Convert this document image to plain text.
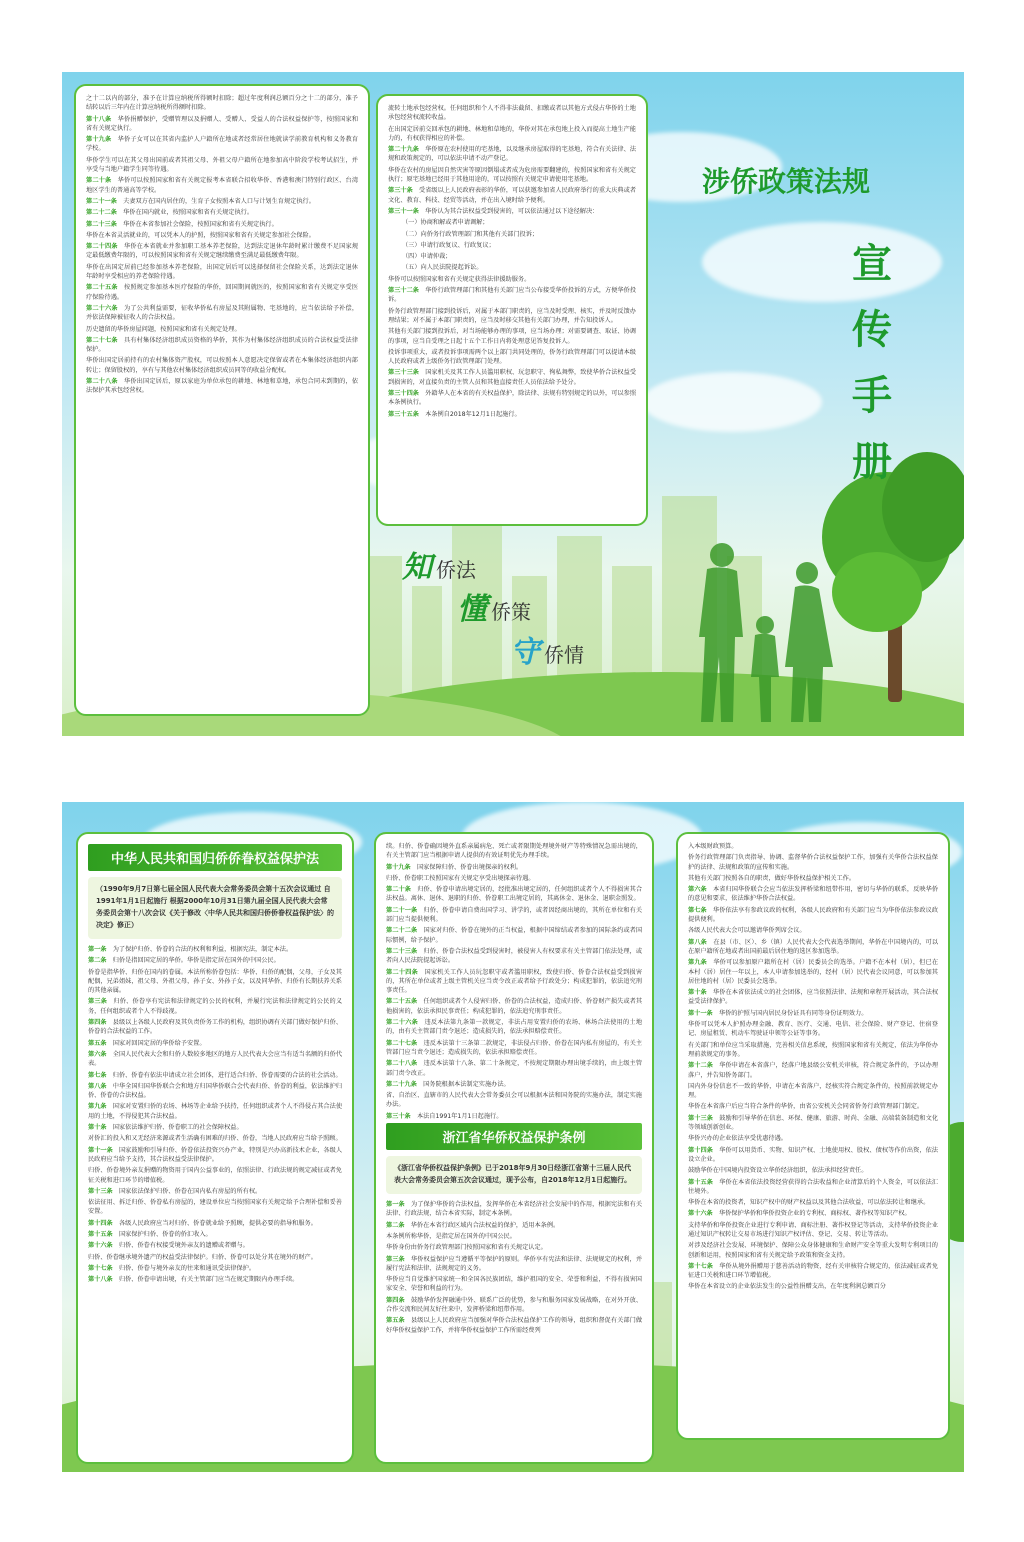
之十二以内的部分，准予在计算应纳税所得额时扣除；超过年度利润总额百分之十二的部分，准予结转以后三年内在计算应纳税所得额时扣除。

第十八条　 华侨捐赠保护，受赠管理以及捐赠人、受赠人、受益人的合法权益保护等，按照国家和省有关规定执行。

第十九条　 华侨子女可以在其省内监护人户籍所在地或者经常居住地就读学前教育机构和义务教育学校。

华侨学生可以在其父母出国前或者其祖父母、外祖父母户籍所在地参加高中阶段学校考试招生，并享受与当地户籍学生同等待遇。

第二十条　 华侨可以按照国家和省有关规定报考本省联合招收华侨、香港和澳门特别行政区、台湾地区学生的普通高等学校。

第二十一条　 夫妻双方在国内居住的，生育子女按照本省人口与计划生育规定执行。

第二十二条　 华侨在国内就业，按照国家和省有关规定执行。

第二十三条　 华侨在本省参加社会保险，按照国家和省有关规定执行。

华侨在本省灵活就业的，可以凭本人的护照，按照国家和省有关规定参加社会保险。

第二十四条　 华侨在本省就业并参加职工基本养老保险，达到法定退休年龄时累计缴费不足国家规定最低缴费年限的，可以按照国家和省有关规定继续缴费至满足最低缴费年限。

华侨在出国定居前已经参加基本养老保险，出国定居后可以选择保留社会保险关系，达到法定退休年龄时享受相应的养老保险待遇。

第二十五条　 按照规定参加基本医疗保险的华侨，回国期间就医的，按照国家和省有关规定享受医疗保险待遇。

第二十六条　 为了公共利益需要，征收华侨私有房屋及其附属物、宅基地的，应当依法给予补偿，并依法保障被征收人的合法权益。

历史遗留的华侨房屋问题，按照国家和省有关规定处理。

第二十七条　 具有村集体经济组织成员资格的华侨，其作为村集体经济组织成员的合法权益受法律保护。

华侨出国定居前持有的农村集体资产股权，可以按照本人意愿决定保留或者在本集体经济组织内部转让；保留股权的，享有与其他农村集体经济组织成员同等的收益分配权。

第二十八条　 华侨出国定居后，原以家庭为单位承包的耕地、林地和草地，承包合同未到期的，依法保护其承包经营权。

流转土地承包经营权。任何组织和个人不得非法截留、扣缴或者以其他方式侵占华侨的土地承包经营权流转收益。

在出国定居前交回承包的耕地、林地和草地的，华侨对其在承包地上投入而提高土地生产能力的，有权获得相应的补偿。

第二十九条　 华侨原在农村使用的宅基地，以及继承房屋取得的宅基地，符合有关法律、法规和政策规定的，可以依法申请不动产登记。

华侨在农村的房屋因自然灾害等原因倒塌或者成为危房需要翻建的，按照国家和省有关规定执行；原宅基地已经用于其他用途的，可以按照有关规定申请使用宅基地。

第三十条　 受省级以上人民政府表彰的华侨，可以获邀参加省人民政府举行的重大庆典或者文化、教育、科技、经贸等活动，并在出入境时给予便利。

第三十一条　 华侨认为其合法权益受到侵害的，可以依法通过以下途径解决：

（一）协商和解或者申请调解；

（二）向侨务行政管理部门和其他有关部门投诉；

（三）申请行政复议、行政复议；

（四）申请仲裁；

（五）向人民法院提起诉讼。

华侨可以按照国家和省有关规定获得法律援助服务。

第三十二条　 华侨行政管理部门和其他有关部门应当公布接受华侨投诉的方式，方便华侨投诉。

侨务行政管理部门接到投诉后，对属于本部门职责的，应当及时受理、核实，并及时反馈办理结果；对不属于本部门职责的，应当及时移交其他有关部门办理，并告知投诉人。

其他有关部门接到投诉后，对当场能够办理的事项，应当场办理；对需要调查、取证、协调的事项，应当自受理之日起十五个工作日内将处理意见答复投诉人。

投诉事项重大，或者投诉事项需两个以上部门共同处理的，侨务行政管理部门可以提请本级人民政府或者上级侨务行政管理部门处理。

第三十三条　 国家机关及其工作人员滥用职权、玩忽职守、徇私舞弊，致使华侨合法权益受到损害的，对直接负责的主管人员和其他直接责任人员依法给予处分。

第三十四条　 外籍华人在本省的有关权益保护，除法律、法规有特别规定的以外，可以参照本条例执行。

第三十五条　 本条例自2018年12月1日起施行。

知侨法
懂侨策
守侨情
涉侨政策法规
宣
传
手
册
中华人民共和国归侨侨眷权益保护法

（1990年9月7日第七届全国人民代表大会常务委员会第十五次会议通过 自1991年1月1日起施行 根据2000年10月31日第九届全国人民代表大会常务委员会第十八次会议《关于修改〈中华人民共和国归侨侨眷权益保护法〉的决定》修正）

第一条　 为了保护归侨、侨眷的合法的权利和利益，根据宪法，制定本法。

第二条　 归侨是指回国定居的华侨。华侨是指定居在国外的中国公民。

侨眷是指华侨、归侨在国内的眷属。本法所称侨眷包括：华侨、归侨的配偶，父母，子女及其配偶，兄弟姐妹，祖父母、外祖父母，孙子女、外孙子女，以及同华侨、归侨有长期扶养关系的其他亲属。

第三条　 归侨、侨眷享有宪法和法律规定的公民的权利，并履行宪法和法律规定的公民的义务，任何组织或者个人不得歧视。

第四条　 县级以上各级人民政府及其负责侨务工作的机构，组织协调有关部门做好保护归侨、侨眷的合法权益的工作。

第五条　 国家对回国定居的华侨给予安置。

第六条　 全国人民代表大会和归侨人数较多地区的地方人民代表大会应当有适当名额的归侨代表。

第七条　 归侨、侨眷有依法申请成立社会团体，进行适合归侨、侨眷需要的合法的社会活动。

第八条　 中华全国归国华侨联合会和地方归国华侨联合会代表归侨、侨眷的利益，依法维护归侨、侨眷的合法权益。

第九条　 国家对安置归侨的农场、林场等企业给予扶持，任何组织或者个人不得侵占其合法使用的土地，不得侵犯其合法权益。

第十条　 国家依法维护归侨、侨眷职工的社会保障权益。

对侨汇的投入和又无经济来源或者生活确有困难的归侨、侨眷，当地人民政府应当给予照顾。

第十一条　 国家鼓励和引导归侨、侨眷依法投资兴办产业，特别是兴办高新技术企业，各级人民政府应当给予支持，其合法权益受法律保护。

归侨、侨眷境外亲友捐赠的物资用于国内公益事业的，依照法律、行政法规的规定减征或者免征关税和进口环节的增值税。

第十三条　 国家依法保护归侨、侨眷在国内私有房屋的所有权。

依法征用、拆迁归侨、侨眷私有房屋的，建设单位应当按照国家有关规定给予合理补偿和妥善安置。

第十四条　 各级人民政府应当对归侨、侨眷就业给予照顾，提供必要的指导和服务。

第十五条　 国家保护归侨、侨眷的侨汇收入。

第十六条　 归侨、侨眷有权接受境外亲友的遗赠或者赠与。

归侨、侨眷继承境外遗产的权益受法律保护。归侨、侨眷可以处分其在境外的财产。

第十七条　 归侨、侨眷与境外亲友的往来和通讯受法律保护。

第十八条　 归侨、侨眷申请出境，有关主管部门应当在规定期限内办理手续。

续。归侨、侨眷确因境外直系亲属病危、死亡或者限期处理境外财产等特殊情况急需出境的，有关主管部门应当根据申请人提供的有效证明优先办理手续。

第十九条　 国家保障归侨、侨眷出境探亲的权利。

归侨、侨眷职工按照国家有关规定享受出境探亲待遇。

第二十条　 归侨、侨眷申请出境定居的，经批准出境定居的，任何组织或者个人不得损害其合法权益。离休、退休、退职的归侨、侨眷职工出境定居的，其离休金、退休金、退职金照发。

第二十一条　 归侨、侨眷申请自费出国学习、讲学的，或者因经商出境的，其所在单位和有关部门应当提供便利。

第二十二条　 国家对归侨、侨眷在境外的正当权益，根据中国缔结或者参加的国际条约或者国际惯例，给予保护。

第二十三条　 归侨、侨眷合法权益受到侵害时，被侵害人有权要求有关主管部门依法处理，或者向人民法院提起诉讼。

第二十四条　 国家机关工作人员玩忽职守或者滥用职权，致使归侨、侨眷合法权益受到损害的，其所在单位或者上级主管机关应当责令改正或者给予行政处分；构成犯罪的，依法追究刑事责任。

第二十五条　 任何组织或者个人侵害归侨、侨眷的合法权益，造成归侨、侨眷财产损失或者其他损害的，依法承担民事责任；构成犯罪的，依法追究刑事责任。

第二十六条　 违反本法第九条第一款规定，非法占用安置归侨的农场、林场合法使用的土地的，由有关主管部门责令退还；造成损失的，依法承担赔偿责任。

第二十七条　 违反本法第十三条第二款规定，非法侵占归侨、侨眷在国内私有房屋的，有关主管部门应当责令退还；造成损失的，依法承担赔偿责任。

第二十八条　 违反本法第十八条、第二十条规定，不按规定期限办理出境手续的，由上级主管部门责令改正。

第二十九条　 国务院根据本法制定实施办法。

省、自治区、直辖市的人民代表大会常务委员会可以根据本法和国务院的实施办法，制定实施办法。

第三十条　 本法自1991年1月1日起施行。

浙江省华侨权益保护条例

《浙江省华侨权益保护条例》已于2018年9月30日经浙江省第十三届人民代表大会常务委员会第五次会议通过，现予公布，自2018年12月1日起施行。

第一条　 为了保护华侨的合法权益，发挥华侨在本省经济社会发展中的作用，根据宪法和有关法律、行政法规，结合本省实际，制定本条例。

第二条　 华侨在本省行政区域内合法权益的保护，适用本条例。

本条例所称华侨，是指定居在国外的中国公民。

华侨身份由侨务行政管理部门按照国家和省有关规定认定。

第三条　 华侨权益保护应当遵循平等保护的原则。华侨享有宪法和法律、法规规定的权利，并履行宪法和法律、法规规定的义务。

华侨应当自觉维护国家统一和全国各民族团结，维护祖国的安全、荣誉和利益，不得有损害国家安全、荣誉和利益的行为。

第四条　 鼓励华侨发挥融通中外、联系广泛的优势，参与和服务国家发展战略，在对外开放、合作交流和民间友好往来中，发挥桥梁和纽带作用。

第五条　 县级以上人民政府应当加强对华侨合法权益保护工作的领导，组织和督促有关部门做好华侨权益保护工作，并将华侨权益保护工作所需经费列

入本级财政预算。

侨务行政管理部门负责指导、协调、监督华侨合法权益保护工作，加强有关华侨合法权益保护的法律、法规和政策的宣传和实施。

其他有关部门按照各自的职责，做好华侨权益保护相关工作。

第六条　 本省归国华侨联合会应当依法发挥桥梁和纽带作用，密切与华侨的联系，反映华侨的意见和要求，依法维护华侨合法权益。

第七条　 华侨依法享有参政议政的权利，各级人民政府和有关部门应当为华侨依法参政议政提供便利。

各级人民代表大会可以邀请华侨列席会议。

第八条　 在县（市、区）、乡（镇）人民代表大会代表选举期间，华侨在中国境内的，可以在原户籍所在地或者出国前最后居住地的选区参加选举。

第九条　 华侨可以参加原户籍所在村（居）民委员会的选举。户籍不在本村（居），但已在本村（居）居住一年以上，本人申请参加选举的，经村（居）民代表会议同意，可以参加其居住地的村（居）民委员会选举。

第十条　 华侨在本省依法成立的社会团体，应当依照法律、法规和章程开展活动，其合法权益受法律保护。

第十一条　 华侨的护照与国内居民身份证具有同等身份证明效力。

华侨可以凭本人护照办理金融、教育、医疗、交通、电信、社会保险、财产登记、住宿登记、房屋租赁、机动车驾驶证申领等公证等事务。

有关部门和单位应当采取措施，完善相关信息系统，按照国家和省有关规定，依法为华侨办理前款规定的事务。

第十二条　 华侨申请在本省落户，经落户地县级公安机关审核，符合规定条件的，予以办理落户，并告知侨务部门。

国内外身份信息不一致的华侨，申请在本省落户，经核实符合规定条件的，按照前款规定办理。

华侨在本省落户后应当符合条件的华侨，由省公安机关会同省侨务行政管理部门制定。

第十三条　 鼓励和引导华侨在信息、环保、健康、旅游、时尚、金融、高端装备制造和文化等领域创新创业。

华侨兴办的企业依法享受优惠待遇。

第十四条　 华侨可以用货币、实物、知识产权、土地使用权、股权、债权等作价出资，依法设立企业。

鼓励华侨在中国境内投资设立华侨经济组织，依法承担经营责任。

第十五条　 华侨在本省依法投资经营获得的合法收益和企业清算后的个人资金，可以依法汇往境外。

华侨在本省的投资者，知识产权中的财产权益以及其他合法收益，可以依法转让和继承。

第十六条　 华侨保护华侨和华侨投资企业的专利权、商标权、著作权等知识产权。

支持华侨和华侨投资企业进行专利申请、商标注册、著作权登记等活动，支持华侨投资企业通过知识产权转让交易市场进行知识产权评估、登记、交易、转让等活动。

对涉及经济社会发展、环境保护、保障公众身体健康和生命财产安全等重大发明专利项目的创新和运用，按照国家和省有关规定给予政策和资金支持。

第十七条　 华侨从境外捐赠用于慈善活动的物资，经有关审核符合规定的，依法减征或者免征进口关税和进口环节增值税。

华侨在本省设立的企业依法发生的公益性捐赠支出，在年度利润总额百分
